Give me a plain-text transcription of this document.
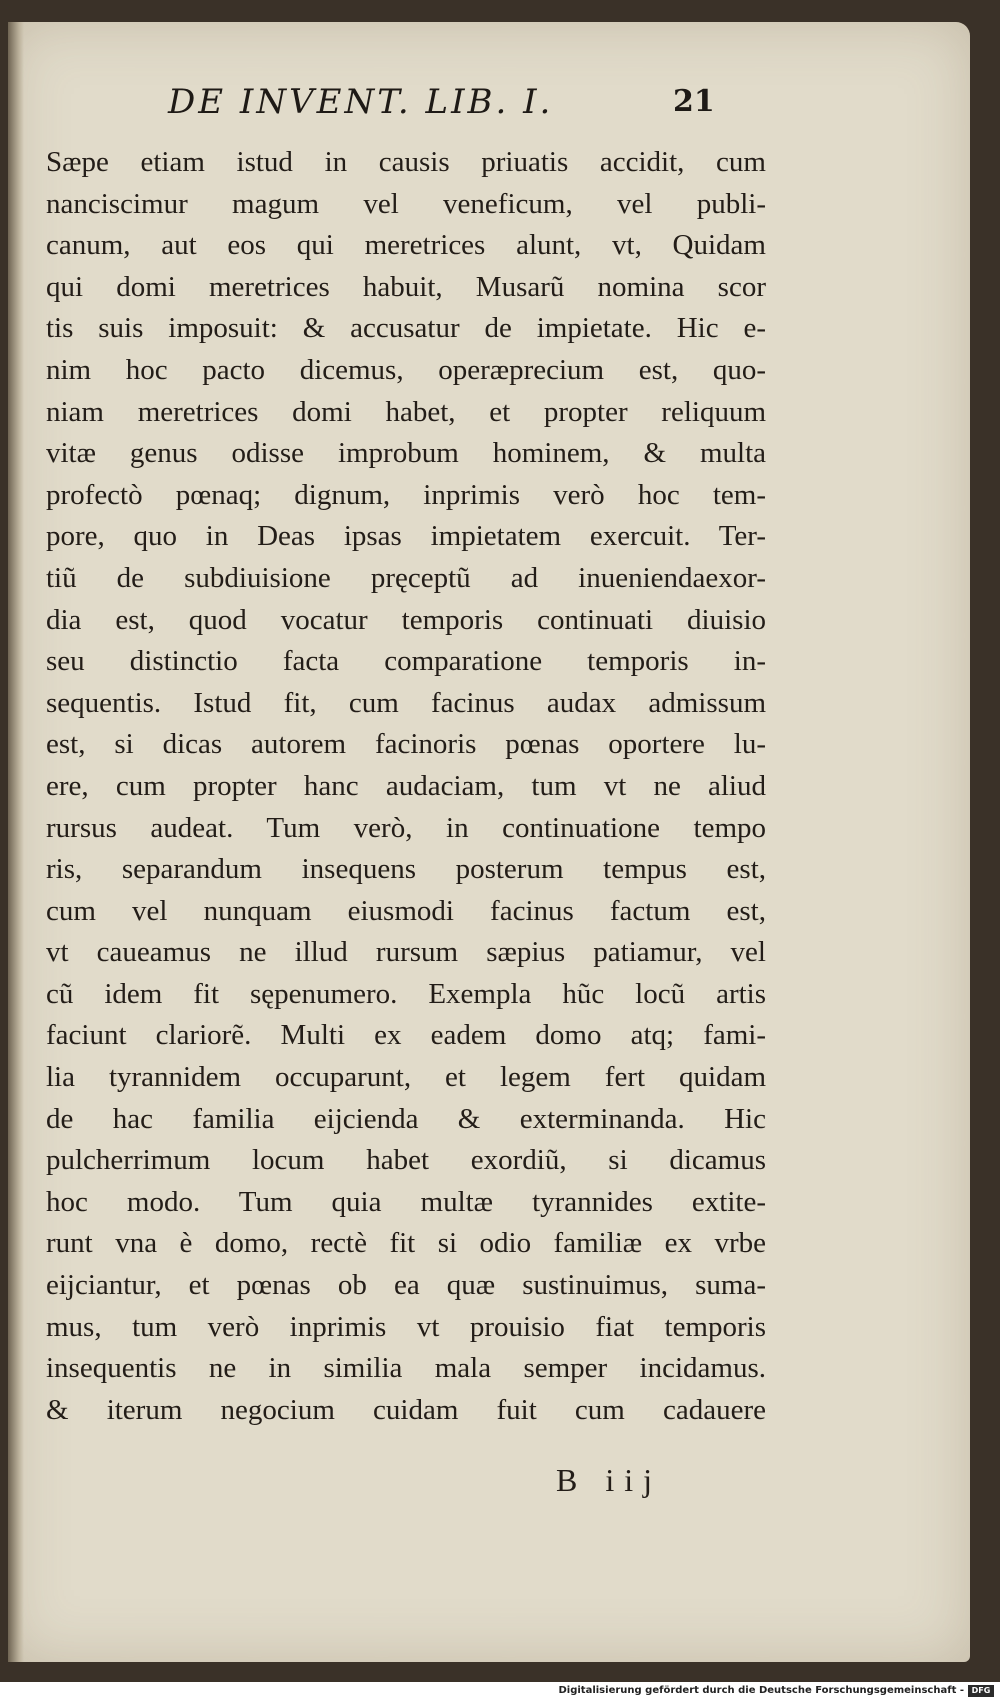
DE INVENT. LIB. I.	21
Sæpe etiam istud in causis priuatis accidit, cum
nanciscimur magum vel veneficum, vel publi-
canum, aut eos qui meretrices alunt, vt, Quidam
qui domi meretrices habuit, Musarũ nomina scor
tis suis imposuit: & accusatur de impietate. Hic e-
nim hoc pacto dicemus, operæprecium est, quo-
niam meretrices domi habet, et propter reliquum
vitæ genus odisse improbum hominem, & multa
profectò pœnaq; dignum, inprimis verò hoc tem-
pore, quo in Deas ipsas impietatem exercuit. Ter-
tiũ de subdiuisione pręceptũ ad inueniendaexor-
dia est, quod vocatur temporis continuati diuisio
seu distinctio facta comparatione temporis in-
sequentis. Istud fit, cum facinus audax admissum
est, si dicas autorem facinoris pœnas oportere lu-
ere, cum propter hanc audaciam, tum vt ne aliud
rursus audeat. Tum verò, in continuatione tempo
ris, separandum insequens posterum tempus est,
cum vel nunquam eiusmodi facinus factum est,
vt caueamus ne illud rursum sæpius patiamur, vel
cũ idem fit sępenumero. Exempla hũc locũ artis
faciunt clariorẽ. Multi ex eadem domo atq; fami-
lia tyrannidem occuparunt, et legem fert quidam
de hac familia eijcienda & exterminanda. Hic
pulcherrimum locum habet exordiũ, si dicamus
hoc modo. Tum quia multæ tyrannides extite-
runt vna è domo, rectè fit si odio familiæ ex vrbe
eijciantur, et pœnas ob ea quæ sustinuimus, suma-
mus, tum verò inprimis vt prouisio fiat temporis
insequentis ne in similia mala semper incidamus.
& iterum negocium cuidam fuit cum cadauere
B iij
Digitalisierung gefördert durch die Deutsche Forschungsgemeinschaft - DFG
